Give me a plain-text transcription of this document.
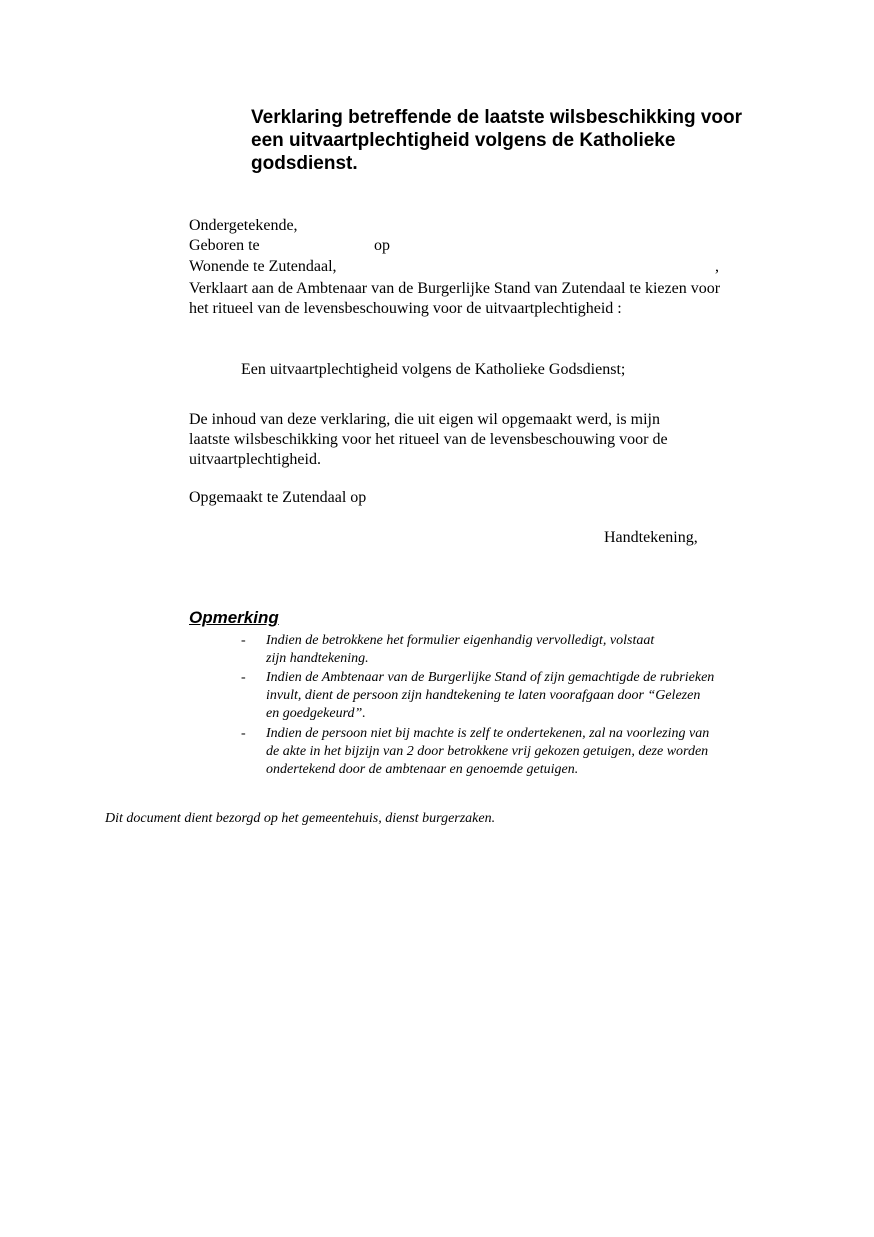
Verklaring betreffende de laatste wilsbeschikking voor
een uitvaartplechtigheid volgens de Katholieke
godsdienst.
Ondergetekende,
Geboren te	op
Wonende te Zutendaal,	,
Verklaart aan de Ambtenaar van de Burgerlijke Stand van Zutendaal te kiezen voor
het ritueel van de levensbeschouwing voor de uitvaartplechtigheid :
Een uitvaartplechtigheid volgens de Katholieke Godsdienst;
De inhoud van deze verklaring, die uit eigen wil opgemaakt werd, is mijn
laatste wilsbeschikking voor het ritueel van de levensbeschouwing voor de
uitvaartplechtigheid.
Opgemaakt te Zutendaal op
Handtekening,
Opmerking
- Indien de betrokkene het formulier eigenhandig vervolledigt, volstaat
zijn handtekening.
- Indien de Ambtenaar van de Burgerlijke Stand of zijn gemachtigde de rubrieken
invult, dient de persoon zijn handtekening te laten voorafgaan door “Gelezen
en goedgekeurd”.
- Indien de persoon niet bij machte is zelf te ondertekenen, zal na voorlezing van
de akte in het bijzijn van 2 door betrokkene vrij gekozen getuigen, deze worden
ondertekend door de ambtenaar en genoemde getuigen.
Dit document dient bezorgd op het gemeentehuis, dienst burgerzaken.
